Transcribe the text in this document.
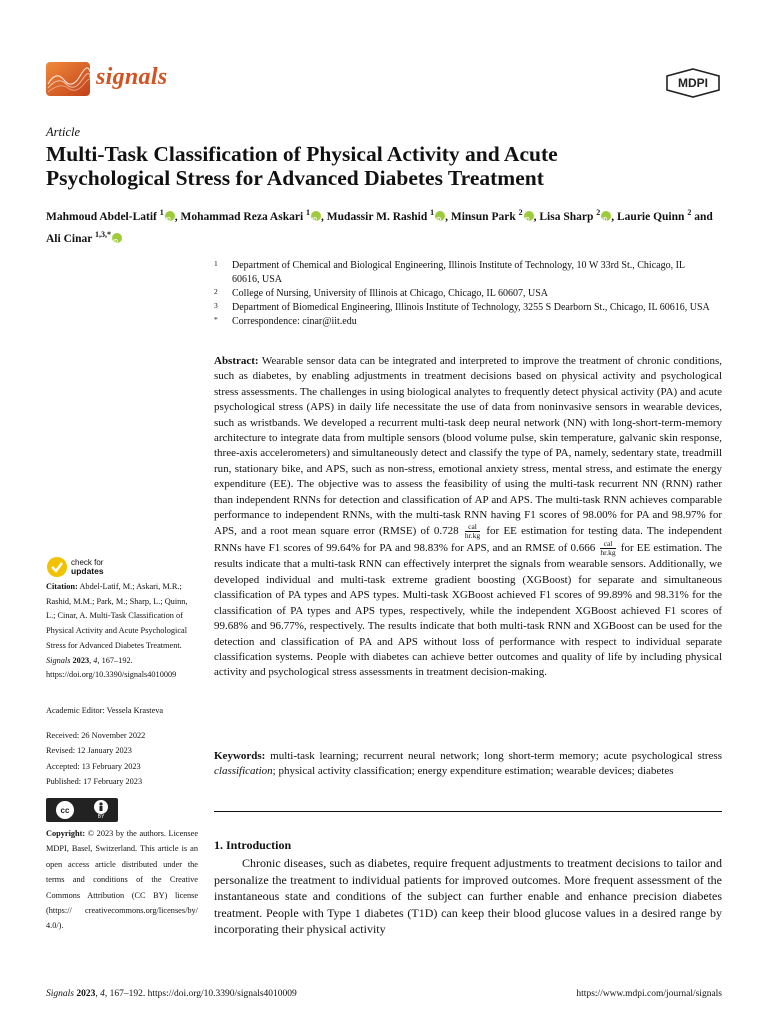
signals	MDPI
Article
Multi-Task Classification of Physical Activity and Acute Psychological Stress for Advanced Diabetes Treatment
Mahmoud Abdel-Latif $^1$ iD , Mohammad Reza Askari $^1$ iD , Mudassir M. Rashid $^1$ iD , Minsun Park $^2$ iD , Lisa Sharp $^2$ iD , Laurie Quinn $^2$ and Ali Cinar $^{1,3,*}$iD
1 Department of Chemical and Biological Engineering, Illinois Institute of Technology, 10 W 33rd St., Chicago, IL 60616, USA
2 College of Nursing, University of Illinois at Chicago, Chicago, IL 60607, USA
3 Department of Biomedical Engineering, Illinois Institute of Technology, 3255 S Dearborn St., Chicago, IL 60616, USA
* Correspondence: cinar@iit.edu
Abstract: Wearable sensor data can be integrated and interpreted to improve the treatment of chronic conditions, such as diabetes, by enabling adjustments in treatment decisions based on physical activity and psychological stress assessments. The challenges in using biological analytes to frequently detect physical activity (PA) and acute psychological stress (APS) in daily life necessitate the use of data from noninvasive sensors in wearable devices, such as wristbands. We developed a recurrent multi-task deep neural network (NN) with long-short-term-memory architecture to integrate data from multiple sensors (blood volume pulse, skin temperature, galvanic skin response, three-axis accelerometers) and simultaneously detect and classify the type of PA, namely, sedentary state, treadmill run, stationary bike, and APS, such as non-stress, emotional anxiety stress, mental stress, and estimate the energy expenditure (EE). The objective was to assess the feasibility of using the multi-task recurrent NN (RNN) rather than independent RNNs for detection and classification of AP and APS. The multi-task RNN achieves comparable performance to independent RNNs, with the multi-task RNN having F1 scores of 98.00% for PA and 98.97% for APS, and a root mean square error (RMSE) of $0.728 \frac{\text{cal}}{hr.kg}$ for EE estimation for testing data. The independent RNNs have F1 scores of 99.64% for PA and 98.83% for APS, and an RMSE of $0.666 \frac{\text{cal}}{hr.kg}$ for EE estimation. The results indicate that a multi-task RNN can effectively interpret the signals from wearable sensors. Additionally, we developed individual and multi-task extreme gradient boosting (XGBoost) for separate and simultaneous classification of PA types and APS types. Multi-task XGBoost achieved F1 scores of 99.89% and 98.31% for the classification of PA types and APS types, respectively, while the independent XGBoost achieved F1 scores of 99.68% and 96.77%, respectively. The results indicate that both multi-task RNN and XGBoost can be used for the detection and classification of PA and APS without loss of performance with respect to individual separate classification systems. People with diabetes can achieve better outcomes and quality of life by including physical activity and psychological stress assessments in treatment decision-making.
Keywords: multi-task learning; recurrent neural network; long short-term memory; acute psychological stress classification; physical activity classification; energy expenditure estimation; wearable devices; diabetes
1. Introduction
Chronic diseases, such as diabetes, require frequent adjustments to treatment decisions to tailor and personalize the treatment to individual patients for improved outcomes. More frequent assessment of the instantaneous state and conditions of the subject can further enable and enhance precision diabetes treatment. People with Type 1 diabetes (T1D) can keep their blood glucose values in a desired range by incorporating their physical activity
check for
updates
Citation: Abdel-Latif, M.; Askari, M.R.; Rashid, M.M.; Park, M.; Sharp, L.; Quinn, L.; Cinar, A. Multi-Task Classification of Physical Activity and Acute Psychological Stress for Advanced Diabetes Treatment. Signals 2023, 4, 167–192. https://doi.org/10.3390/signals4010009
Academic Editor: Vessela Krasteva
Received: 26 November 2022
Revised: 12 January 2023
Accepted: 13 February 2023
Published: 17 February 2023
cc
BY
Copyright: © 2023 by the authors. Licensee MDPI, Basel, Switzerland. This article is an open access article distributed under the terms and conditions of the Creative Commons Attribution (CC BY) license (https:// creativecommons.org/licenses/by/ 4.0/).
Signals 2023, 4, 167–192. https://doi.org/10.3390/signals4010009	https://www.mdpi.com/journal/signals
